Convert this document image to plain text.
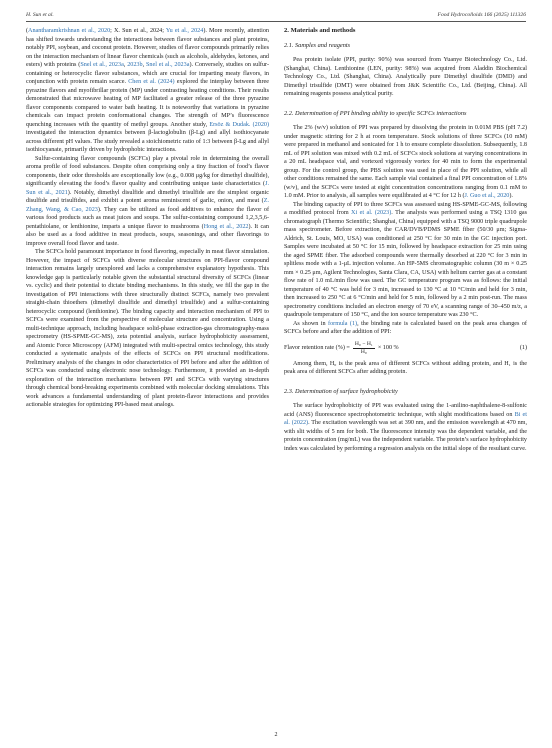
H. Sun et al.	Food Hydrocolloids 166 (2025) 111326

(Anantharamkrishnan et al., 2020; X. Sun et al., 2024; Yu et al., 2024). More recently, attention has shifted towards understanding the interactions between flavor substances and plant proteins, notably PPI, soybean, and coconut protein. However, studies of flavor compounds primarily relies on the interaction mechanism of linear flavor chemicals (such as alcohols, aldehydes, ketones, and esters) with proteins (Snel et al., 2023a, 2023b, Snel et al., 2023a). Conversely, studies on sulfur-containing or heterocyclic flavor substances, which are crucial for imparting meaty flavors, in conjunction with protein remain scarce. Chen et al. (2024) explored the interplay between three pyrazine flavors and myofibrillar protein (MP) under contrasting heating conditions. Their results demonstrated that microwave heating of MP facilitated a greater release of the three pyrazine flavor components compared to water bath heating. It is noteworthy that variations in pyrazine chemicals can impact protein conformational changes. The strength of MP’s fluorescence quenching increases with the quantity of methyl groups. Another study, Ersöz & Dudak. (2020) investigated the interaction dynamics between β-lactoglobulin (β-Lg) and allyl isothiocyanate across different pH values. The study revealed a stoichiometric ratio of 1:3 between β-Lg and allyl isothiocyanate, primarily driven by hydrophobic interactions.

Sulfur-containing flavor compounds (SCFCs) play a pivotal role in determining the overall aroma profile of food substances. Despite often comprising only a tiny fraction of food’s flavor components, their odor thresholds are exceptionally low (e.g., 0.008 μg/kg for dimethyl disulfide), significantly elevating the food’s flavor quality and contributing unique taste characteristics (J. Sun et al., 2021). Notably, dimethyl disulfide and dimethyl trisulfide are the simplest organic disulfide and trisulfides, and exhibit a potent aroma reminiscent of garlic, onion, and meat (Z. Zhang, Wang, & Cao, 2023). They can be utilized as food additives to enhance the flavor of various food products such as meat juices and soups. The sulfur-containing compound 1,2,3,5,6-pentathiolane, or lenthionine, imparts a unique flavor to mushrooms (Hong et al., 2022). It can also be used as a food additive in meat products, soups, seasonings, and other flavorings to improve overall food flavor and taste.

The SCFCs hold paramount importance in food flavoring, especially in meat flavor simulation. However, the impact of SCFCs with diverse molecular structures on PPI-flavor compound interaction remains largely unexplored and lacks a comprehensive explanatory hypothesis. This knowledge gap is particularly notable given the substantial structural diversity of SCFCs (linear vs. cyclic) and their potential to dictate binding mechanisms. In this study, we fill the gap in the investigation of PPI interactions with three structurally distinct SCFCs, namely two prevalent straight-chain thioethers (dimethyl disulfide and dimethyl trisulfide) and a sulfur-containing heterocyclic compound (lenthionine). The binding capacity and interaction mechanism of PPI to SCFCs were examined from the perspective of molecular structure and concentration. Using a multi-technique approach, including headspace solid-phase extraction-gas chromatography-mass spectrometry (HS-SPME-GC-MS), zeta potential analysis, surface hydrophobicity assessment, and Atomic Force Microscopy (AFM) integrated with multi-spectral omics technology, this study conducted a systematic analysis of the effects of SCFCs on PPI structural modifications. Preliminary analysis of the changes in odor characteristics of PPI before and after the addition of SCFCs was conducted using electronic nose technology. Furthermore, it provided an in-depth exploration of the interaction mechanisms between PPI and SCFCs with varying structures through chemical bond-breaking experiments combined with molecular docking simulations. This work advances a fundamental understanding of plant protein-flavor interactions and provides actionable strategies for optimizing PPI-based meat analogs.

2. Materials and methods
2.1. Samples and reagents

Pea protein isolate (PPI, purity: 90%) was sourced from Yuanye Biotechnology Co., Ltd. (Shanghai, China). Lenthionine (LEN, purity: 98%) was acquired from Aladdin Biochemical Technology Co., Ltd. (Shanghai, China). Analytically pure Dimethyl disulfide (DMD) and Dimethyl trisulfide (DMT) were obtained from J&K Scientific Co., Ltd. (Beijing, China). All remaining reagents possess analytical purity.

2.2. Determination of PPI binding ability to specific SCFCs interactions

The 2% (w/v) solution of PPI was prepared by dissolving the protein in 0.01M PBS (pH 7.2) under magnetic stirring for 2 h at room temperature. Stock solutions of three SCFCs (10 mM) were prepared in methanol and sonicated for 1 h to ensure complete dissolution. Subsequently, 1.8 mL of PPI solution was mixed with 0.2 mL of SCFCs stock solutions at varying concentrations in a 20 mL headspace vial, and vortexed vigorously vortex for 40 min to form the experimental group. For the control group, the PBS solution was used in place of the PPI solution, while all other conditions remained the same. Each sample vial contained a final PPI concentration of 1.8% (w/v), and the SCFCs were tested at eight concentration concentrations ranging from 0.1 mM to 1.0 mM. Prior to analysis, all samples were equilibrated at 4 °C for 12 h (J. Guo et al., 2020).

The binding capacity of PPI to three SCFCs was assessed using HS-SPME-GC-MS, following a modified protocol from Xi et al. (2023). The analysis was performed using a TSQ 1310 gas chromatograph (Thermo Scientific; Shanghai, China) equipped with a TSQ 9000 triple quadrupole mass spectrometer. Before extraction, the CAR/DVB/PDMS SPME fiber (50/30 μm; Sigma-Aldrich, St. Louis, MO, USA) was conditioned at 250 °C for 30 min in the GC injection port. Samples were incubated at 50 °C for 15 min, followed by headspace extraction for 25 min using the aged SPME fiber. The adsorbed compounds were thermally desorbed at 220 °C for 3 min in splitless mode with a 1-μL injection volume. An HP-5MS chromatographic column (30 m × 0.25 mm × 0.25 μm, Agilent Technologies, Santa Clara, CA, USA) with helium carrier gas at a constant flow rate of 1.0 mL/min flow was used. The GC temperature program was as follows: the initial temperature of 40 °C was held for 3 min, increased to 130 °C at 10 °C/min and held for 3 min, then increased to 250 °C at 6 °C/min and held for 5 min, followed by a 2 min post-run. The mass spectrometry conditions included an electron energy of 70 eV, a scanning range of 30–450 m/z, a quadrupole temperature of 150 °C, and the ion source temperature was 230 °C.

As shown in formula (1), the binding rate is calculated based on the peak area changes of SCFCs before and after the addition of PPI:

Flavor retention rate (%) = $\frac{\text{H₀ − H₁}}{\text{H₀}} \times 100$ %	(1)

Among them, H₀ is the peak area of different SCFCs without adding protein, and H₁ is the peak area of different SCFCs after adding protein.

2.3. Determination of surface hydrophobicity

The surface hydrophobicity of PPI was evaluated using the 1-anilino-naphthalene-8-sulfonic acid (ANS) fluorescence spectrophotometric technique, with slight modifications based on Bi et al. (2022). The excitation wavelength was set at 390 nm, and the emission wavelength at 470 nm, with slit widths of 5 nm for both. The fluorescence intensity was the dependent variable, and the protein concentration (mg/mL) was the independent variable. The protein’s surface hydrophobicity index was calculated by performing a regression analysis on the initial slope of the resultant curve.

2
